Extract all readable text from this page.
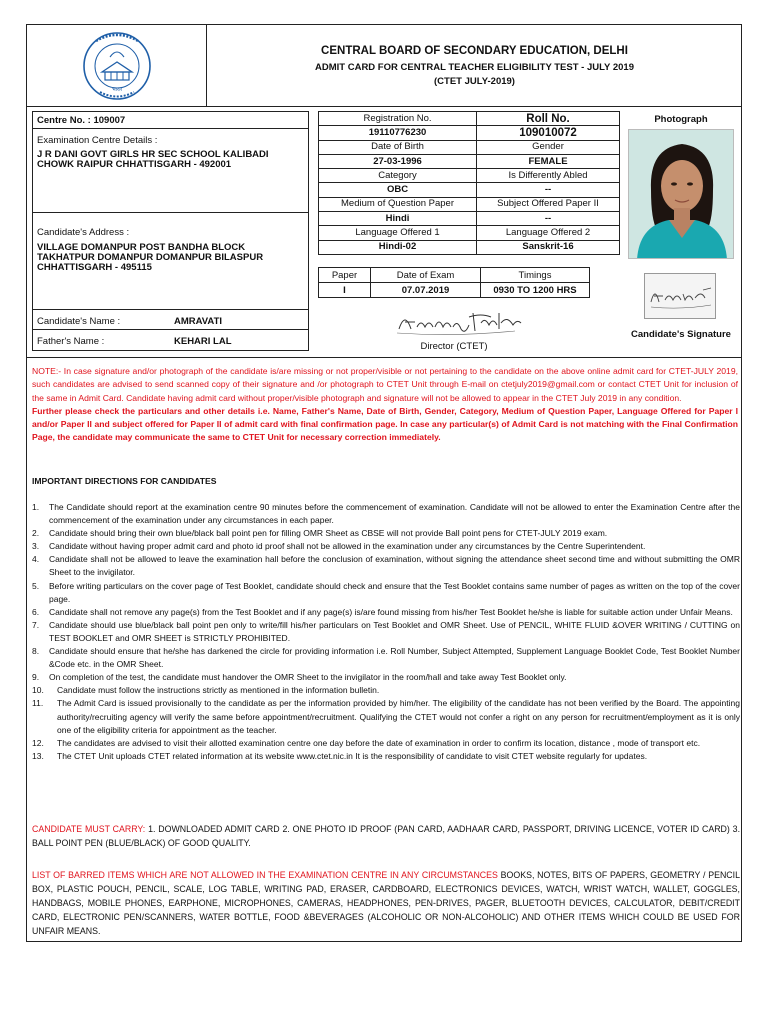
भारत
CENTRAL BOARD OF SECONDARY EDUCATION, DELHI
ADMIT CARD FOR CENTRAL TEACHER ELIGIBILITY TEST - JULY 2019
(CTET JULY-2019)
Centre No. : 109007
Examination Centre Details :
J R DANI GOVT GIRLS HR SEC SCHOOL KALIBADI
CHOWK RAIPUR CHHATTISGARH - 492001
Candidate's Address :
VILLAGE DOMANPUR POST BANDHA BLOCK
TAKHATPUR DOMANPUR DOMANPUR BILASPUR
CHHATTISGARH - 495115
Candidate's Name :	AMRAVATI
Father's Name :	KEHARI LAL
Registration No.	Roll No.
19110776230	109010072
Date of Birth	Gender
27-03-1996	FEMALE
Category	Is Differently Abled
OBC	--
Medium of Question Paper	Subject Offered Paper II
Hindi	--
Language Offered 1	Language Offered 2
Hindi-02	Sanskrit-16
Paper	Date of Exam	Timings
I	07.07.2019	0930 TO 1200 HRS
Director (CTET)
Photograph
Candidate's Signature
NOTE:- In case signature and/or photograph of the candidate is/are missing or not proper/visible or not pertaining to the candidate on the above online admit card for CTET-JULY 2019, such candidates are advised to send scanned copy of their signature and /or photograph to CTET Unit through E-mail on ctetjuly2019@gmail.com or contact CTET Unit for inclusion of the same in Admit Card. Candidate having admit card without proper/visible photograph and signature will not be allowed to appear in the CTET July 2019 in any condition.
Further please check the particulars and other details i.e. Name, Father's Name, Date of Birth, Gender, Category, Medium of Question Paper, Language Offered for Paper I and/or Paper II and subject offered for Paper II of admit card with final confirmation page. In case any particular(s) of Admit Card is not matching with the Final Confirmation Page, the candidate may communicate the same to CTET Unit for necessary correction immediately.
IMPORTANT DIRECTIONS FOR CANDIDATES
1. The Candidate should report at the examination centre 90 minutes before the commencement of examination. Candidate will not be allowed to enter the Examination Centre after the commencement of the examination under any circumstances in each paper.
2. Candidate should bring their own blue/black ball point pen for filling OMR Sheet as CBSE will not provide Ball point pens for CTET-JULY 2019 exam.
3. Candidate without having proper admit card and photo id proof shall not be allowed in the examination under any circumstances by the Centre Superintendent.
4. Candidate shall not be allowed to leave the examination hall before the conclusion of examination, without signing the attendance sheet second time and without submitting the OMR Sheet to the invigilator.
5. Before writing particulars on the cover page of Test Booklet, candidate should check and ensure that the Test Booklet contains same number of pages as written on the top of the cover page.
6. Candidate shall not remove any page(s) from the Test Booklet and if any page(s) is/are found missing from his/her Test Booklet he/she is liable for suitable action under Unfair Means.
7. Candidate should use blue/black ball point pen only to write/fill his/her particulars on Test Booklet and OMR Sheet. Use of PENCIL, WHITE FLUID &OVER WRITING / CUTTING on TEST BOOKLET and OMR SHEET is STRICTLY PROHIBITED.
8. Candidate should ensure that he/she has darkened the circle for providing information i.e. Roll Number, Subject Attempted, Supplement Language Booklet Code, Test Booklet Number &Code etc. in the OMR Sheet.
9. On completion of the test, the candidate must handover the OMR Sheet to the invigilator in the room/hall and take away Test Booklet only.
10. Candidate must follow the instructions strictly as mentioned in the information bulletin.
11. The Admit Card is issued provisionally to the candidate as per the information provided by him/her. The eligibility of the candidate has not been verified by the Board. The appointing authority/recruiting agency will verify the same before appointment/recruitment. Qualifying the CTET would not confer a right on any person for recruitment/employment as it is only one of the eligibility criteria for appointment as the teacher.
12. The candidates are advised to visit their allotted examination centre one day before the date of examination in order to confirm its location, distance , mode of transport etc.
13. The CTET Unit uploads CTET related information at its website www.ctet.nic.in It is the responsibility of candidate to visit CTET website regularly for updates.
CANDIDATE MUST CARRY: 1. DOWNLOADED ADMIT CARD 2. ONE PHOTO ID PROOF (PAN CARD, AADHAAR CARD, PASSPORT, DRIVING LICENCE, VOTER ID CARD) 3. BALL POINT PEN (BLUE/BLACK) OF GOOD QUALITY.
LIST OF BARRED ITEMS WHICH ARE NOT ALLOWED IN THE EXAMINATION CENTRE IN ANY CIRCUMSTANCES BOOKS, NOTES, BITS OF PAPERS, GEOMETRY / PENCIL BOX, PLASTIC POUCH, PENCIL, SCALE, LOG TABLE, WRITING PAD, ERASER, CARDBOARD, ELECTRONICS DEVICES, WATCH, WRIST WATCH, WALLET, GOGGLES, HANDBAGS, MOBILE PHONES, EARPHONE, MICROPHONES, CAMERAS, HEADPHONES, PEN-DRIVES, PAGER, BLUETOOTH DEVICES, CALCULATOR, DEBIT/CREDIT CARD, ELECTRONIC PEN/SCANNERS, WATER BOTTLE, FOOD &BEVERAGES (ALCOHOLIC OR NON-ALCOHOLIC) AND OTHER ITEMS WHICH COULD BE USED FOR UNFAIR MEANS.
